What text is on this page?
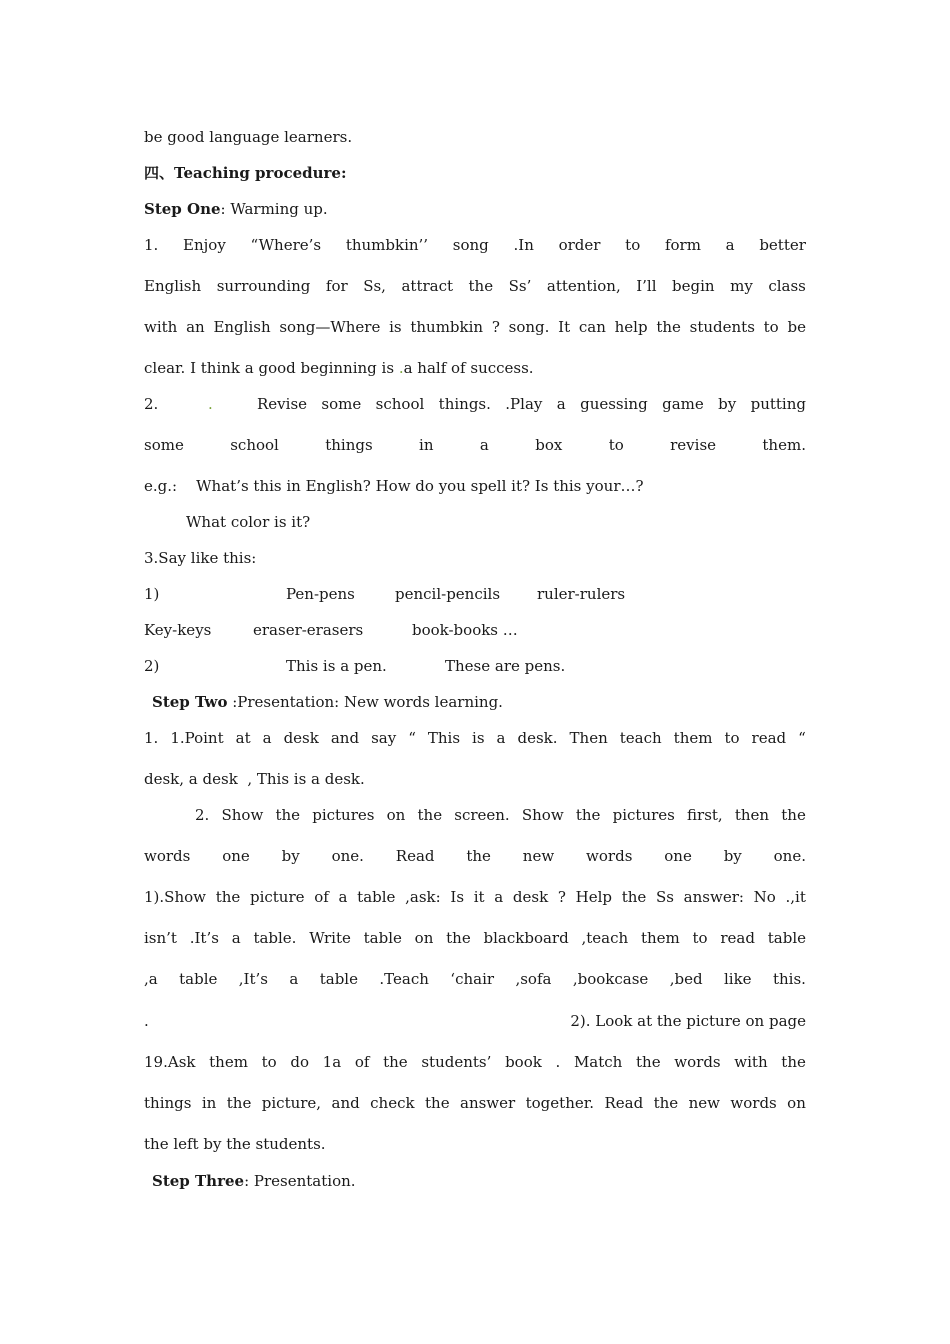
be good language learners.
四、Teaching procedure:
Step One: Warming up.
1. Enjoy “Where’s thumbkin’’ song .In order to form a better
English surrounding for Ss, attract the Ss’ attention, I’ll begin my class
with an English song—Where is thumbkin ? song. It can help the students to be
clear. I think a good beginning is .a half of success.
2.	.	Revise some school things. .Play a guessing game by putting
some	school	things	in	a	box	to	revise	them.
e.g.:    What’s this in English? How do you spell it? Is this your…?
What color is it?
3.Say like this:
1)	Pen-pens	pencil-pencils ruler-rulers
Key-keys	eraser-erasers	book-books …
2)	This is a pen.	These are pens.
Step Two :Presentation: New words learning.
1. 1.Point at a desk and say “ This is a desk. Then teach them to read “
desk, a desk  , This is a desk.
2. Show the pictures on the screen. Show the pictures first, then the
words one by one. Read the new words one by one.
1).Show the picture of a table ,ask: Is it a desk ? Help the Ss answer: No .,it
isn’t .It’s a table. Write table on the blackboard ,teach them to read table
,a table ,It’s a table .Teach ‘chair ,sofa ,bookcase ,bed like this.
.	2). Look at the picture on page
19.Ask them to do 1a of the students’ book . Match the words with the
things in the picture, and check the answer together. Read the new words on
the left by the students.
Step Three: Presentation.
